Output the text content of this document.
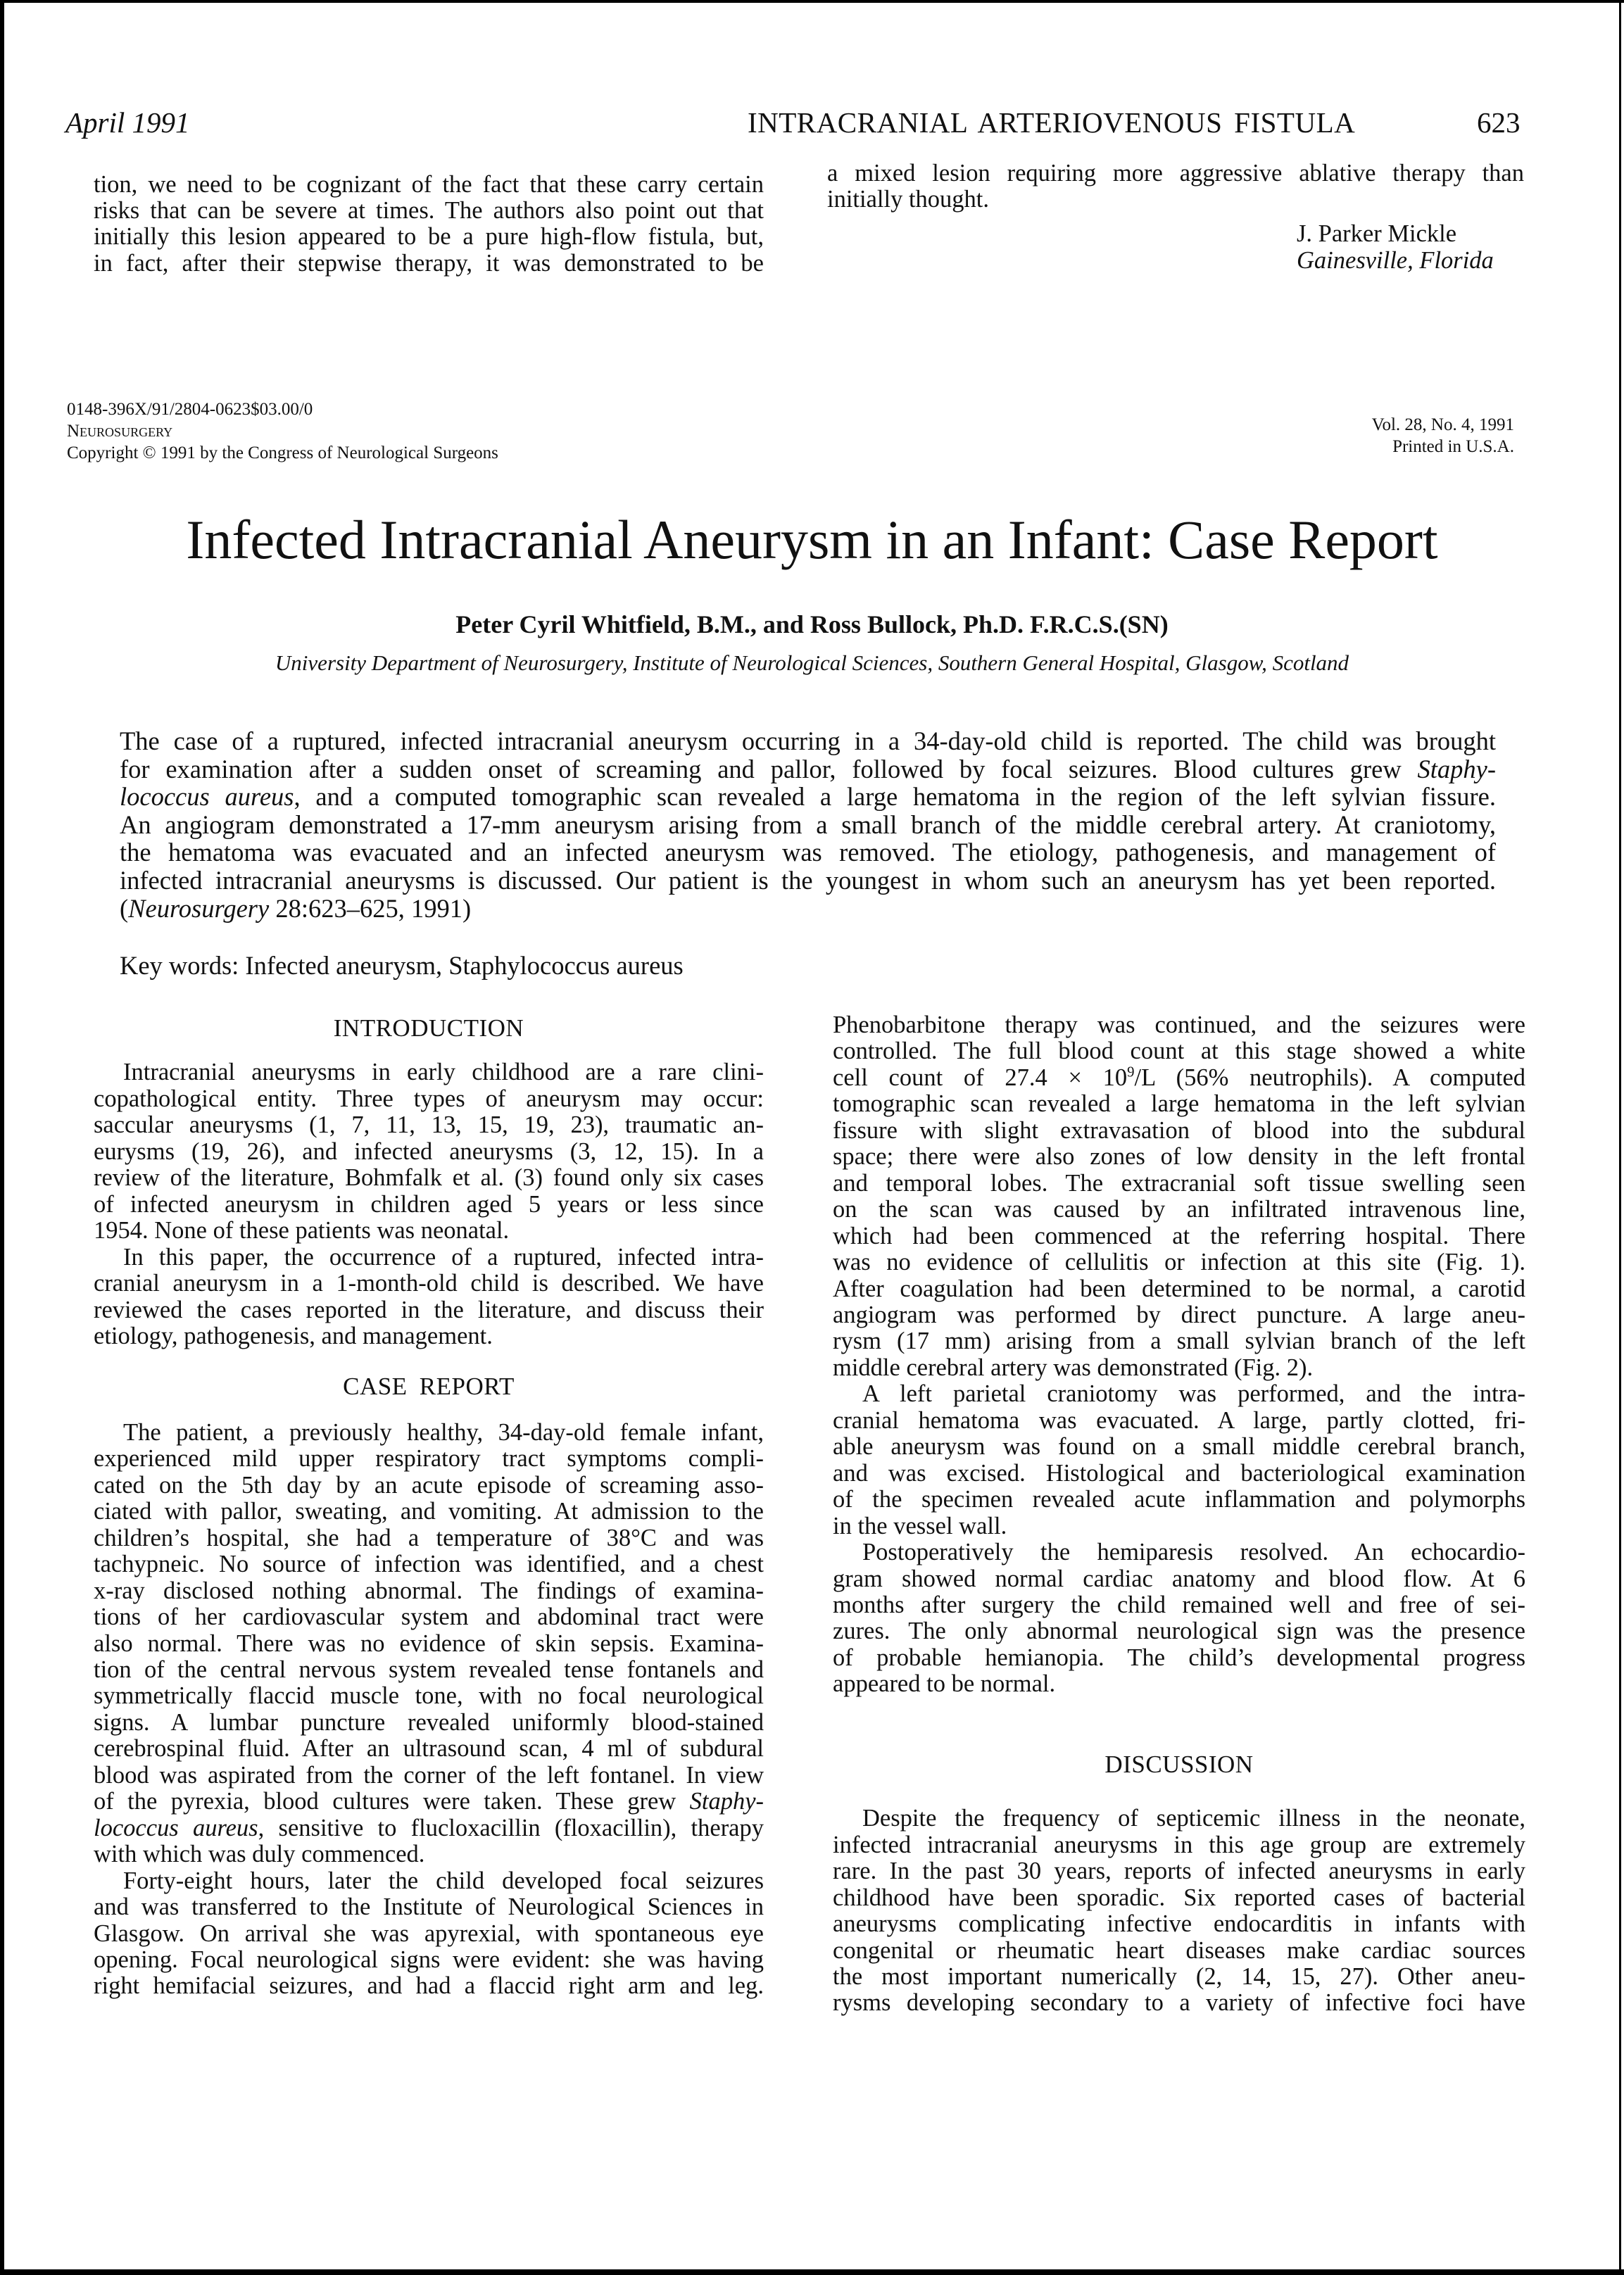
April 1991	INTRACRANIAL ARTERIOVENOUS FISTULA	623
tion, we need to be cognizant of the fact that these carry certain
risks that can be severe at times. The authors also point out that
initially this lesion appeared to be a pure high-flow fistula, but,
in fact, after their stepwise therapy, it was demonstrated to be
a mixed lesion requiring more aggressive ablative therapy than
initially thought.
J. Parker Mickle
Gainesville, Florida
0148-396X/91/2804-0623$03.00/0
Neurosurgery
Copyright © 1991 by the Congress of Neurological Surgeons
Vol. 28, No. 4, 1991
Printed in U.S.A.
Infected Intracranial Aneurysm in an Infant: Case Report
Peter Cyril Whitfield, B.M., and Ross Bullock, Ph.D. F.R.C.S.(SN)
University Department of Neurosurgery, Institute of Neurological Sciences, Southern General Hospital, Glasgow, Scotland
The case of a ruptured, infected intracranial aneurysm occurring in a 34-day-old child is reported. The child was brought
for examination after a sudden onset of screaming and pallor, followed by focal seizures. Blood cultures grew Staphy-
lococcus aureus, and a computed tomographic scan revealed a large hematoma in the region of the left sylvian fissure.
An angiogram demonstrated a 17-mm aneurysm arising from a small branch of the middle cerebral artery. At craniotomy,
the hematoma was evacuated and an infected aneurysm was removed. The etiology, pathogenesis, and management of
infected intracranial aneurysms is discussed. Our patient is the youngest in whom such an aneurysm has yet been reported.
(Neurosurgery 28:623–625, 1991)
Key words: Infected aneurysm, Staphylococcus aureus
INTRODUCTION
Intracranial aneurysms in early childhood are a rare clini-
copathological entity. Three types of aneurysm may occur:
saccular aneurysms (1, 7, 11, 13, 15, 19, 23), traumatic an-
eurysms (19, 26), and infected aneurysms (3, 12, 15). In a
review of the literature, Bohmfalk et al. (3) found only six cases
of infected aneurysm in children aged 5 years or less since
1954. None of these patients was neonatal.
In this paper, the occurrence of a ruptured, infected intra-
cranial aneurysm in a 1-month-old child is described. We have
reviewed the cases reported in the literature, and discuss their
etiology, pathogenesis, and management.
CASE REPORT
The patient, a previously healthy, 34-day-old female infant,
experienced mild upper respiratory tract symptoms compli-
cated on the 5th day by an acute episode of screaming asso-
ciated with pallor, sweating, and vomiting. At admission to the
children’s hospital, she had a temperature of 38°C and was
tachypneic. No source of infection was identified, and a chest
x-ray disclosed nothing abnormal. The findings of examina-
tions of her cardiovascular system and abdominal tract were
also normal. There was no evidence of skin sepsis. Examina-
tion of the central nervous system revealed tense fontanels and
symmetrically flaccid muscle tone, with no focal neurological
signs. A lumbar puncture revealed uniformly blood-stained
cerebrospinal fluid. After an ultrasound scan, 4 ml of subdural
blood was aspirated from the corner of the left fontanel. In view
of the pyrexia, blood cultures were taken. These grew Staphy-
lococcus aureus, sensitive to flucloxacillin (floxacillin), therapy
with which was duly commenced.
Forty-eight hours, later the child developed focal seizures
and was transferred to the Institute of Neurological Sciences in
Glasgow. On arrival she was apyrexial, with spontaneous eye
opening. Focal neurological signs were evident: she was having
right hemifacial seizures, and had a flaccid right arm and leg.
Phenobarbitone therapy was continued, and the seizures were
controlled. The full blood count at this stage showed a white
cell count of $27.4 \times 10^9/L$ (56% neutrophils). A computed
tomographic scan revealed a large hematoma in the left sylvian
fissure with slight extravasation of blood into the subdural
space; there were also zones of low density in the left frontal
and temporal lobes. The extracranial soft tissue swelling seen
on the scan was caused by an infiltrated intravenous line,
which had been commenced at the referring hospital. There
was no evidence of cellulitis or infection at this site (Fig. 1).
After coagulation had been determined to be normal, a carotid
angiogram was performed by direct puncture. A large aneu-
rysm (17 mm) arising from a small sylvian branch of the left
middle cerebral artery was demonstrated (Fig. 2).
A left parietal craniotomy was performed, and the intra-
cranial hematoma was evacuated. A large, partly clotted, fri-
able aneurysm was found on a small middle cerebral branch,
and was excised. Histological and bacteriological examination
of the specimen revealed acute inflammation and polymorphs
in the vessel wall.
Postoperatively the hemiparesis resolved. An echocardio-
gram showed normal cardiac anatomy and blood flow. At 6
months after surgery the child remained well and free of sei-
zures. The only abnormal neurological sign was the presence
of probable hemianopia. The child’s developmental progress
appeared to be normal.
DISCUSSION
Despite the frequency of septicemic illness in the neonate,
infected intracranial aneurysms in this age group are extremely
rare. In the past 30 years, reports of infected aneurysms in early
childhood have been sporadic. Six reported cases of bacterial
aneurysms complicating infective endocarditis in infants with
congenital or rheumatic heart diseases make cardiac sources
the most important numerically (2, 14, 15, 27). Other aneu-
rysms developing secondary to a variety of infective foci have
